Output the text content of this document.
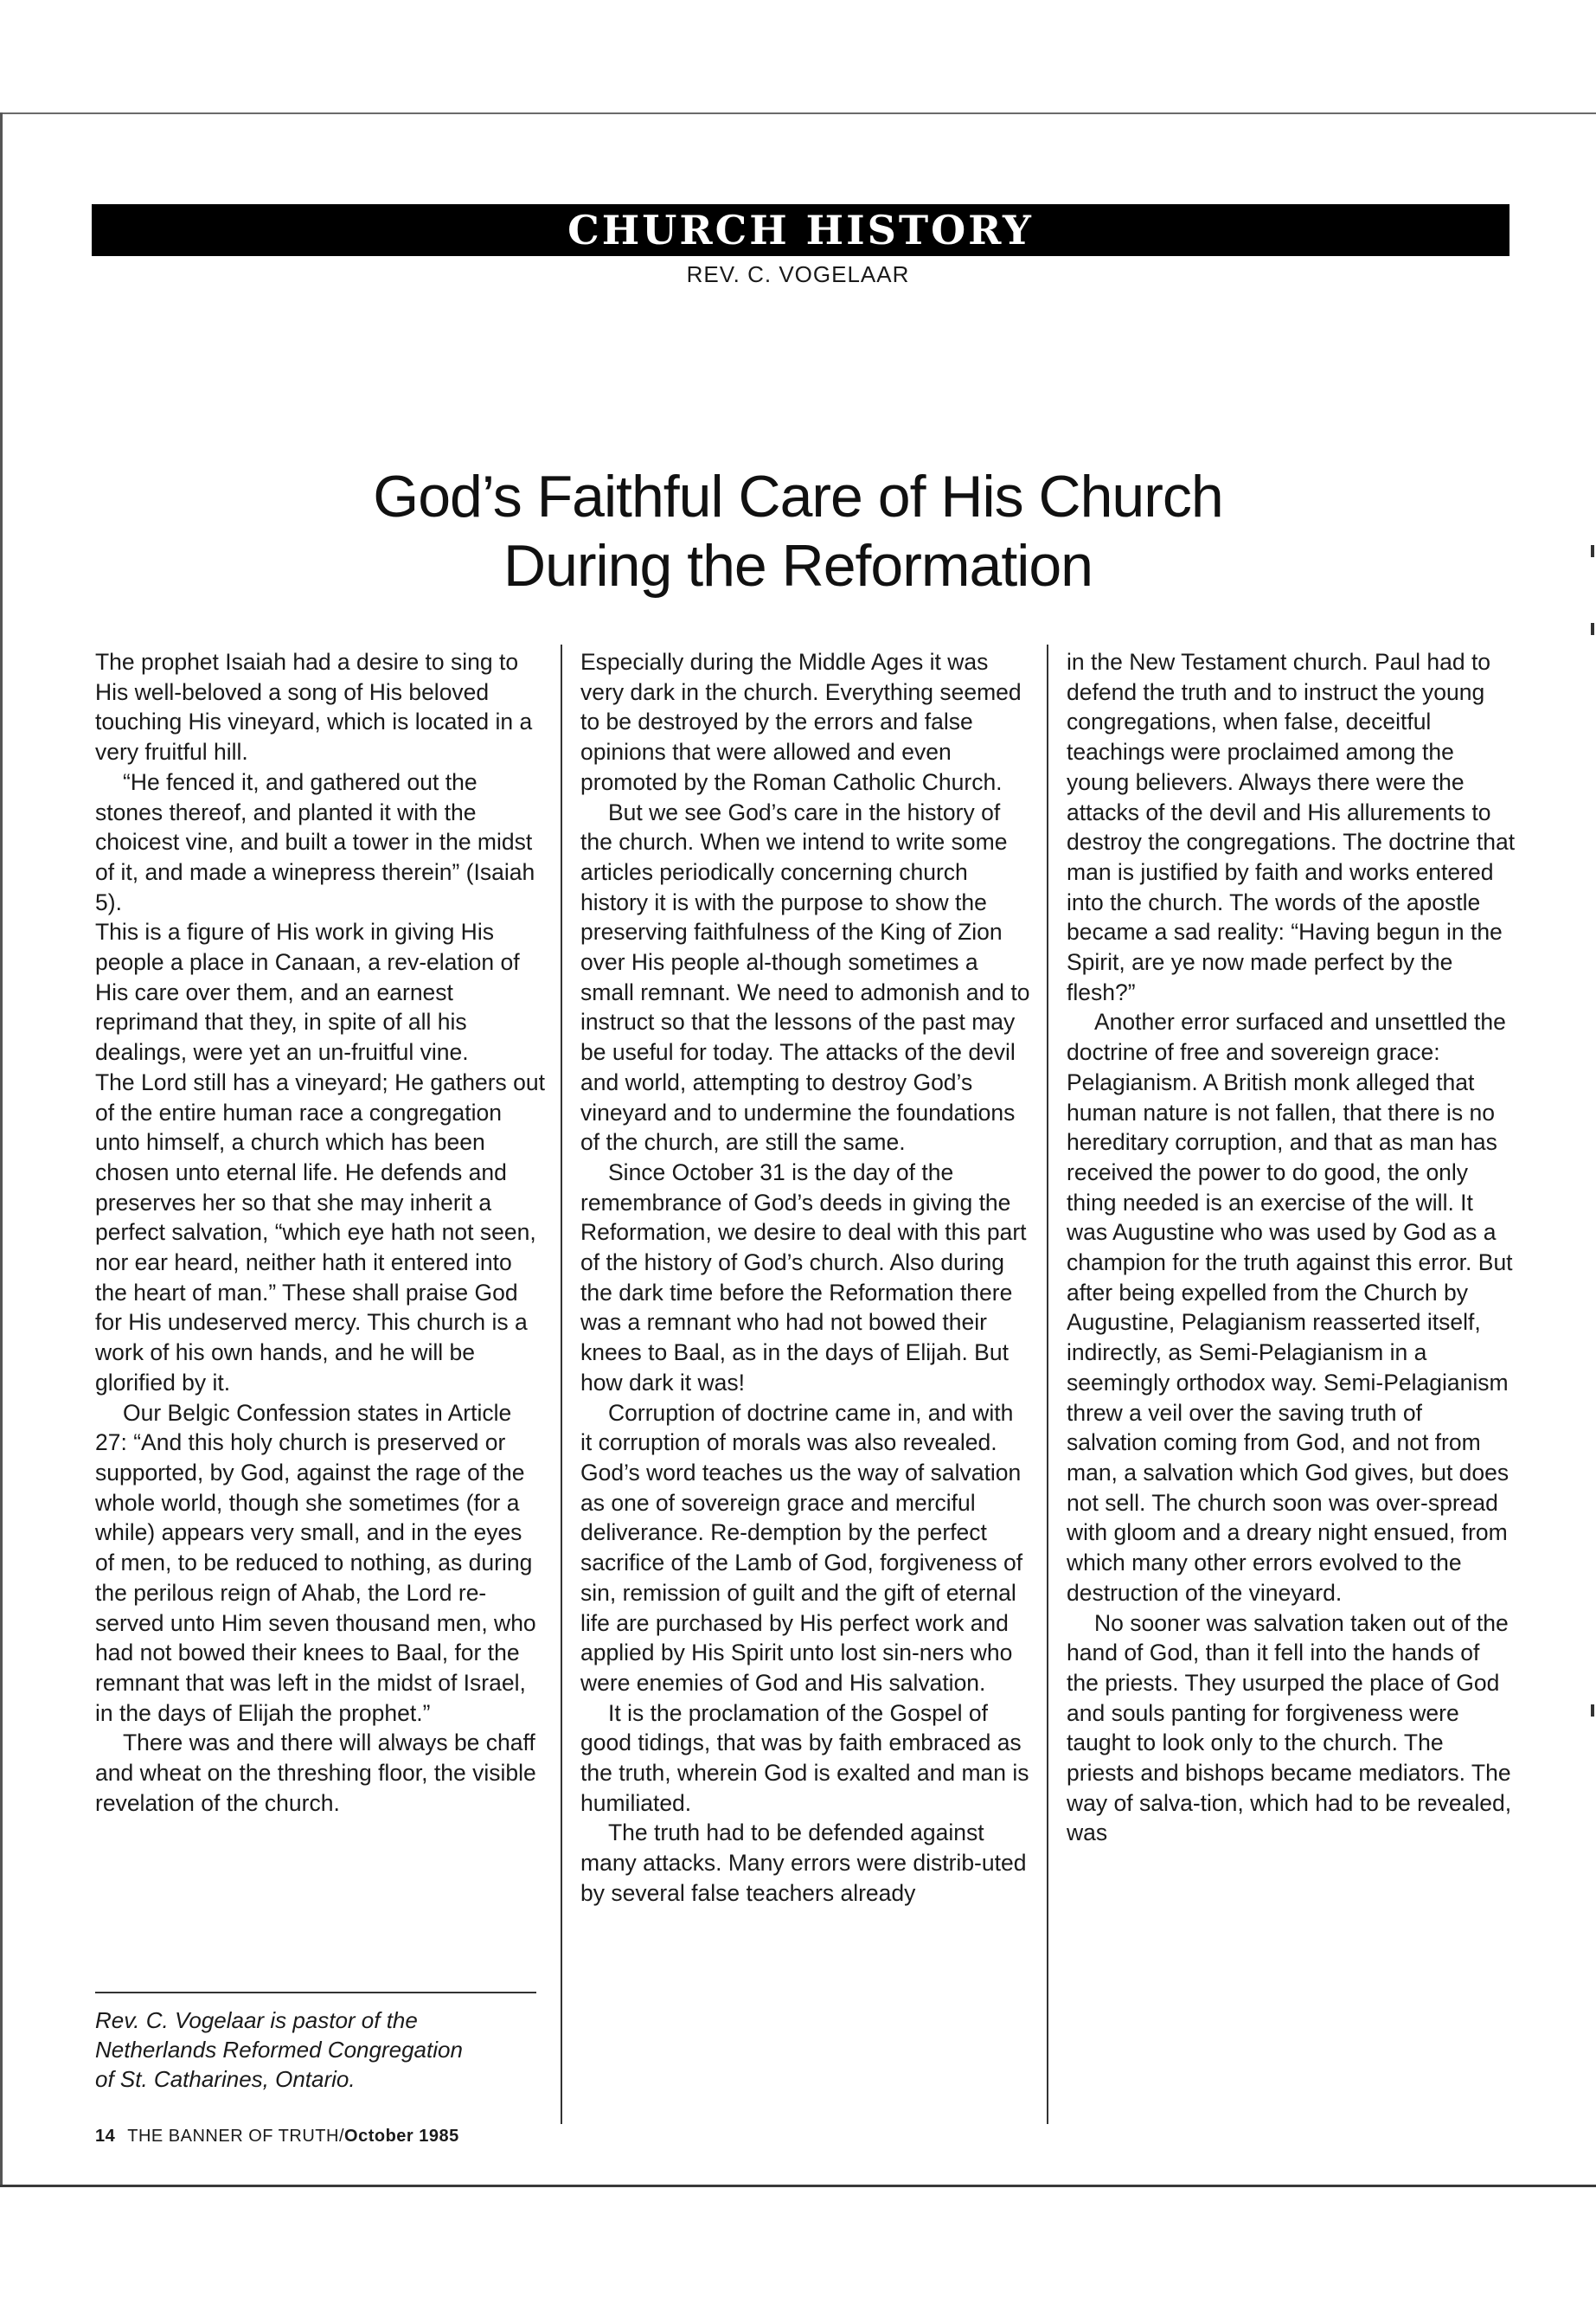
CHURCH HISTORY
REV. C. VOGELAAR
God’s Faithful Care of His Church
During the Reformation

The prophet Isaiah had a desire to sing to His well-beloved a song of His beloved touching His vineyard, which is located in a very fruitful hill.

“He fenced it, and gathered out the stones thereof, and planted it with the choicest vine, and built a tower in the midst of it, and made a winepress therein” (Isaiah 5).

This is a figure of His work in giving His people a place in Canaan, a rev-elation of His care over them, and an earnest reprimand that they, in spite of all his dealings, were yet an un-fruitful vine.

The Lord still has a vineyard; He gathers out of the entire human race a congregation unto himself, a church which has been chosen unto eternal life. He defends and preserves her so that she may inherit a perfect salvation, “which eye hath not seen, nor ear heard, neither hath it entered into the heart of man.” These shall praise God for His undeserved mercy. This church is a work of his own hands, and he will be glorified by it.

Our Belgic Confession states in Article 27: “And this holy church is preserved or supported, by God, against the rage of the whole world, though she sometimes (for a while) appears very small, and in the eyes of men, to be reduced to nothing, as during the perilous reign of Ahab, the Lord re-served unto Him seven thousand men, who had not bowed their knees to Baal, for the remnant that was left in the midst of Israel, in the days of Elijah the prophet.”

There was and there will always be chaff and wheat on the threshing floor, the visible revelation of the church.

Especially during the Middle Ages it was very dark in the church. Everything seemed to be destroyed by the errors and false opinions that were allowed and even promoted by the Roman Catholic Church.

But we see God’s care in the history of the church. When we intend to write some articles periodically concerning church history it is with the purpose to show the preserving faithfulness of the King of Zion over His people al-though sometimes a small remnant. We need to admonish and to instruct so that the lessons of the past may be useful for today. The attacks of the devil and world, attempting to destroy God’s vineyard and to undermine the foundations of the church, are still the same.

Since October 31 is the day of the remembrance of God’s deeds in giving the Reformation, we desire to deal with this part of the history of God’s church. Also during the dark time before the Reformation there was a remnant who had not bowed their knees to Baal, as in the days of Elijah. But how dark it was!

Corruption of doctrine came in, and with it corruption of morals was also revealed. God’s word teaches us the way of salvation as one of sovereign grace and merciful deliverance. Re-demption by the perfect sacrifice of the Lamb of God, forgiveness of sin, remission of guilt and the gift of eternal life are purchased by His perfect work and applied by His Spirit unto lost sin-ners who were enemies of God and His salvation.

It is the proclamation of the Gospel of good tidings, that was by faith embraced as the truth, wherein God is exalted and man is humiliated.

The truth had to be defended against many attacks. Many errors were distrib-uted by several false teachers already

in the New Testament church. Paul had to defend the truth and to instruct the young congregations, when false, deceitful teachings were proclaimed among the young believers. Always there were the attacks of the devil and His allurements to destroy the congregations. The doctrine that man is justified by faith and works entered into the church. The words of the apostle became a sad reality: “Having begun in the Spirit, are ye now made perfect by the flesh?”

Another error surfaced and unsettled the doctrine of free and sovereign grace: Pelagianism. A British monk alleged that human nature is not fallen, that there is no hereditary corruption, and that as man has received the power to do good, the only thing needed is an exercise of the will. It was Augustine who was used by God as a champion for the truth against this error. But after being expelled from the Church by Augustine, Pelagianism reasserted itself, indirectly, as Semi-Pelagianism in a seemingly orthodox way. Semi-Pelagianism threw a veil over the saving truth of salvation coming from God, and not from man, a salvation which God gives, but does not sell. The church soon was over-spread with gloom and a dreary night ensued, from which many other errors evolved to the destruction of the vineyard.

No sooner was salvation taken out of the hand of God, than it fell into the hands of the priests. They usurped the place of God and souls panting for forgiveness were taught to look only to the church. The priests and bishops became mediators. The way of salva-tion, which had to be revealed, was

Rev. C. Vogelaar is pastor of the

Netherlands Reformed Congregation

of St. Catharines, Ontario.

14 THE BANNER OF TRUTH/October 1985
